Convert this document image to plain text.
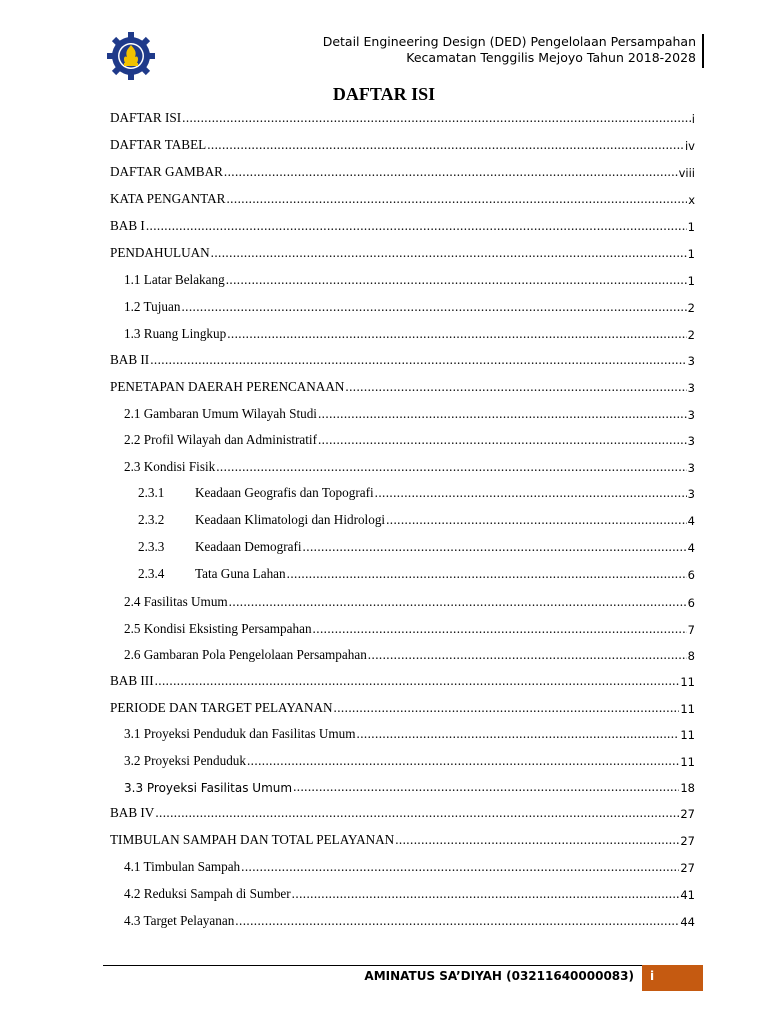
Detail Engineering Design (DED) Pengelolaan Persampahan
Kecamatan Tenggilis Mejoyo Tahun 2018-2028
DAFTAR ISI
DAFTAR ISI .....	i
DAFTAR TABEL .....	iv
DAFTAR GAMBAR .....	viii
KATA PENGANTAR .....	x
BAB I .....	1
PENDAHULUAN .....	1
1.1 Latar Belakang .....	1
1.2 Tujuan .....	2
1.3 Ruang Lingkup .....	2
BAB II .....	3
PENETAPAN DAERAH PERENCANAAN .....	3
2.1 Gambaran Umum Wilayah Studi .....	3
2.2 Profil Wilayah dan Administratif .....	3
2.3 Kondisi Fisik .....	3
2.3.1	Keadaan Geografis dan Topografi .....	3
2.3.2	Keadaan Klimatologi dan Hidrologi .....	4
2.3.3	Keadaan Demografi .....	4
2.3.4	Tata Guna Lahan .....	6
2.4 Fasilitas Umum .....	6
2.5 Kondisi Eksisting Persampahan .....	7
2.6 Gambaran Pola Pengelolaan Persampahan .....	8
BAB III .....	11
PERIODE DAN TARGET PELAYANAN .....	11
3.1 Proyeksi Penduduk dan Fasilitas Umum .....	11
3.2 Proyeksi Penduduk .....	11
3.3 Proyeksi Fasilitas Umum .....	18
BAB IV .....	27
TIMBULAN SAMPAH DAN TOTAL PELAYANAN .....	27
4.1 Timbulan Sampah .....	27
4.2 Reduksi Sampah di Sumber .....	41
4.3 Target Pelayanan .....	44
AMINATUS SA’DIYAH (03211640000083) i
